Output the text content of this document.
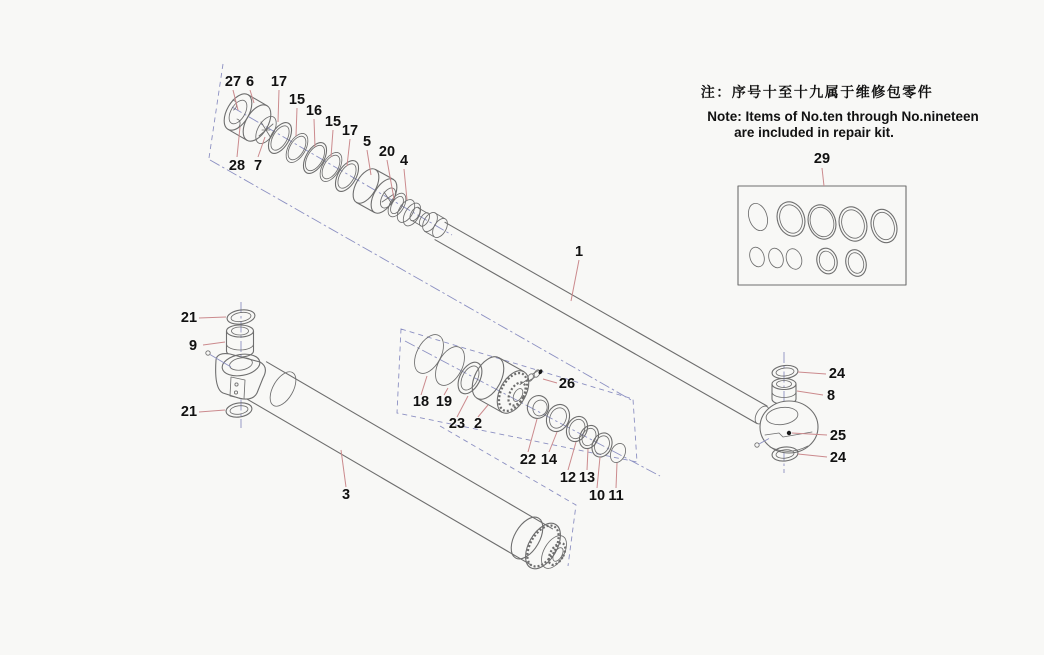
27 6 17
15
16
15
17
5
20
4
28 7
1
21
9
21
3
18 19
23 2
26
22 14
12 13
10 11
24
8
25
24
29
注：序号十至十九属于维修包零件
Note: Items of No.ten through No.nineteen
are included in repair kit.
